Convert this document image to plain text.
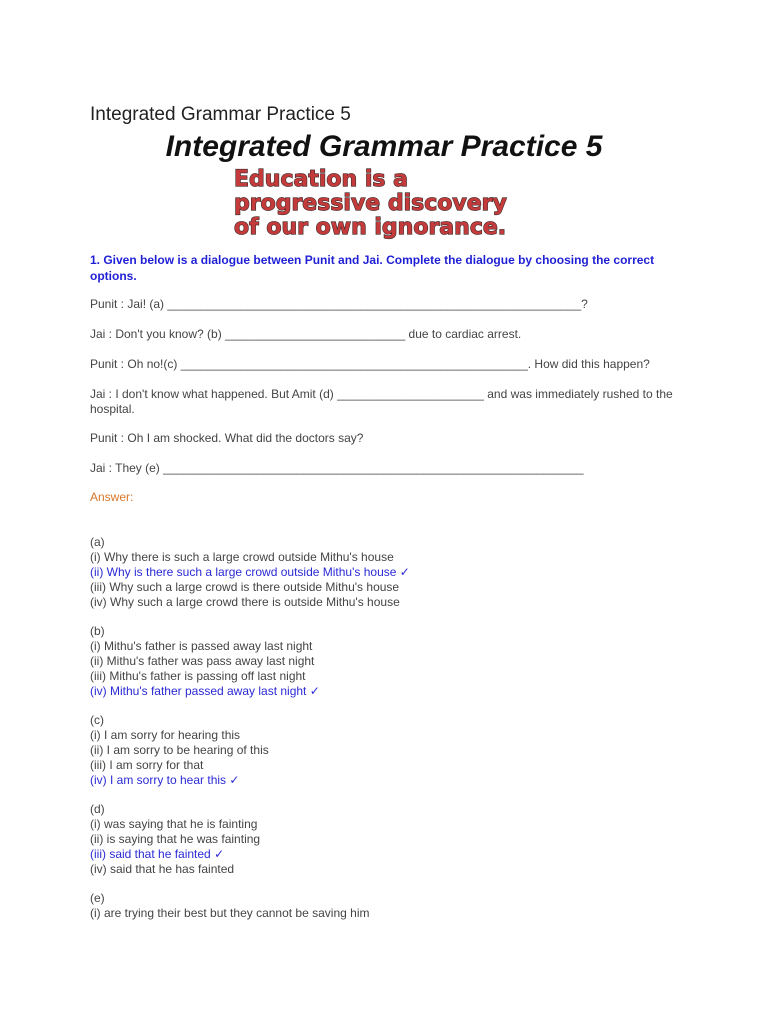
Integrated Grammar Practice 5
Integrated Grammar Practice 5
Education is a
progressive discovery
of our own ignorance.
1. Given below is a dialogue between Punit and Jai. Complete the dialogue by choosing the correct options.
Punit : Jai! (a) ______________________________________________________________?
Jai : Don't you know? (b) ___________________________ due to cardiac arrest.
Punit : Oh no!(c) ____________________________________________________. How did this happen?
Jai : I don't know what happened. But Amit (d) ______________________ and was immediately rushed to the hospital.
Punit : Oh I am shocked. What did the doctors say?
Jai : They (e) _______________________________________________________________
Answer:
(a)
(i) Why there is such a large crowd outside Mithu's house
(ii) Why is there such a large crowd outside Mithu's house ✓
(iii) Why such a large crowd is there outside Mithu's house
(iv) Why such a large crowd there is outside Mithu's house
(b)
(i) Mithu's father is passed away last night
(ii) Mithu's father was pass away last night
(iii) Mithu's father is passing off last night
(iv) Mithu's father passed away last night ✓
(c)
(i) I am sorry for hearing this
(ii) I am sorry to be hearing of this
(iii) I am sorry for that
(iv) I am sorry to hear this ✓
(d)
(i) was saying that he is fainting
(ii) is saying that he was fainting
(iii) said that he fainted ✓
(iv) said that he has fainted
(e)
(i) are trying their best but they cannot be saving him
